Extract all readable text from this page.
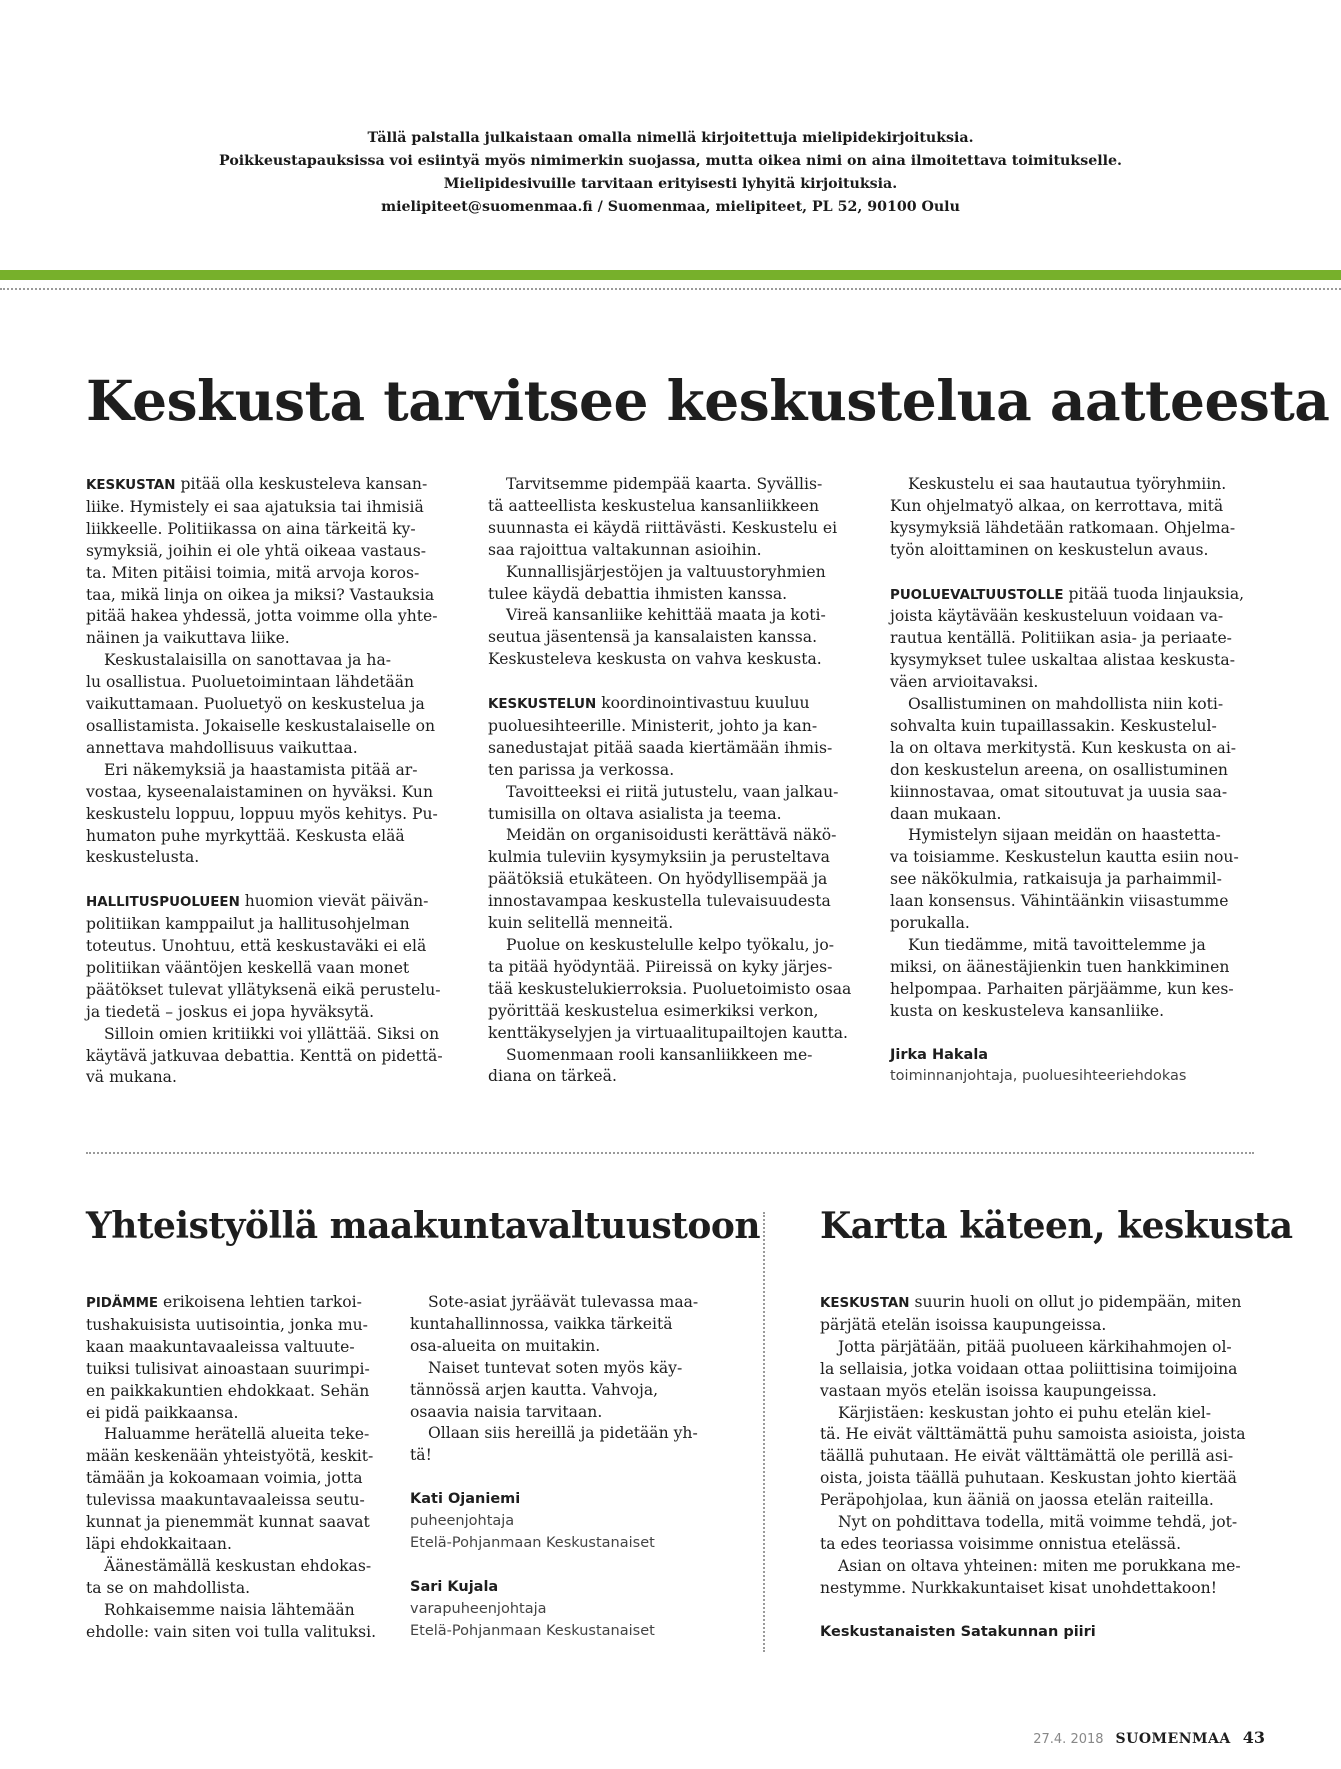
Tällä palstalla julkaistaan omalla nimellä kirjoitettuja mielipidekirjoituksia.
Poikkeustapauksissa voi esiintyä myös nimimerkin suojassa, mutta oikea nimi on aina ilmoitettava toimitukselle.
Mielipidesivuille tarvitaan erityisesti lyhyitä kirjoituksia.
mielipiteet@suomenmaa.fi / Suomenmaa, mielipiteet, PL 52, 90100 Oulu
Keskusta tarvitsee keskustelua aatteesta

KESKUSTAN pitää olla keskusteleva kansan-

liike. Hymistely ei saa ajatuksia tai ihmisiä

liikkeelle. Politiikassa on aina tärkeitä ky-

symyksiä, joihin ei ole yhtä oikeaa vastaus-

ta. Miten pitäisi toimia, mitä arvoja koros-

taa, mikä linja on oikea ja miksi? Vastauksia

pitää hakea yhdessä, jotta voimme olla yhte-

näinen ja vaikuttava liike.

Keskustalaisilla on sanottavaa ja ha-

lu osallistua. Puoluetoimintaan lähdetään

vaikuttamaan. Puoluetyö on keskustelua ja

osallistamista. Jokaiselle keskustalaiselle on

annettava mahdollisuus vaikuttaa.

Eri näkemyksiä ja haastamista pitää ar-

vostaa, kyseenalaistaminen on hyväksi. Kun

keskustelu loppuu, loppuu myös kehitys. Pu-

humaton puhe myrkyttää. Keskusta elää

keskustelusta.

HALLITUSPUOLUEEN huomion vievät päivän-

politiikan kamppailut ja hallitusohjelman

toteutus. Unohtuu, että keskustaväki ei elä

politiikan vääntöjen keskellä vaan monet

päätökset tulevat yllätyksenä eikä perustelu-

ja tiedetä – joskus ei jopa hyväksytä.

Silloin omien kritiikki voi yllättää. Siksi on

käytävä jatkuvaa debattia. Kenttä on pidettä-

vä mukana.

Tarvitsemme pidempää kaarta. Syvällis-

tä aatteellista keskustelua kansanliikkeen

suunnasta ei käydä riittävästi. Keskustelu ei

saa rajoittua valtakunnan asioihin.

Kunnallisjärjestöjen ja valtuustoryhmien

tulee käydä debattia ihmisten kanssa.

Vireä kansanliike kehittää maata ja koti-

seutua jäsentensä ja kansalaisten kanssa.

Keskusteleva keskusta on vahva keskusta.

KESKUSTELUN koordinointivastuu kuuluu

puoluesihteerille. Ministerit, johto ja kan-

sanedustajat pitää saada kiertämään ihmis-

ten parissa ja verkossa.

Tavoitteeksi ei riitä jutustelu, vaan jalkau-

tumisilla on oltava asialista ja teema.

Meidän on organisoidusti kerättävä näkö-

kulmia tuleviin kysymyksiin ja perusteltava

päätöksiä etukäteen. On hyödyllisempää ja

innostavampaa keskustella tulevaisuudesta

kuin selitellä menneitä.

Puolue on keskustelulle kelpo työkalu, jo-

ta pitää hyödyntää. Piireissä on kyky järjes-

tää keskustelukierroksia. Puoluetoimisto osaa

pyörittää keskustelua esimerkiksi verkon,

kenttäkyselyjen ja virtuaalitupailtojen kautta.

Suomenmaan rooli kansanliikkeen me-

diana on tärkeä.

Keskustelu ei saa hautautua työryhmiin.

Kun ohjelmatyö alkaa, on kerrottava, mitä

kysymyksiä lähdetään ratkomaan. Ohjelma-

työn aloittaminen on keskustelun avaus.

PUOLUEVALTUUSTOLLE pitää tuoda linjauksia,

joista käytävään keskusteluun voidaan va-

rautua kentällä. Politiikan asia- ja periaate-

kysymykset tulee uskaltaa alistaa keskusta-

väen arvioitavaksi.

Osallistuminen on mahdollista niin koti-

sohvalta kuin tupaillassakin. Keskustelul-

la on oltava merkitystä. Kun keskusta on ai-

don keskustelun areena, on osallistuminen

kiinnostavaa, omat sitoutuvat ja uusia saa-

daan mukaan.

Hymistelyn sijaan meidän on haastetta-

va toisiamme. Keskustelun kautta esiin nou-

see näkökulmia, ratkaisuja ja parhaimmil-

laan konsensus. Vähintäänkin viisastumme

porukalla.

Kun tiedämme, mitä tavoittelemme ja

miksi, on äänestäjienkin tuen hankkiminen

helpompaa. Parhaiten pärjäämme, kun kes-

kusta on keskusteleva kansanliike.

Jirka Hakala

toiminnanjohtaja, puoluesihteeriehdokas

Yhteistyöllä maakuntavaltuustoon

PIDÄMME erikoisena lehtien tarkoi-

tushakuisista uutisointia, jonka mu-

kaan maakuntavaaleissa valtuute-

tuiksi tulisivat ainoastaan suurimpi-

en paikkakuntien ehdokkaat. Sehän

ei pidä paikkaansa.

Haluamme herätellä alueita teke-

mään keskenään yhteistyötä, keskit-

tämään ja kokoamaan voimia, jotta

tulevissa maakuntavaaleissa seutu-

kunnat ja pienemmät kunnat saavat

läpi ehdokkaitaan.

Äänestämällä keskustan ehdokas-

ta se on mahdollista.

Rohkaisemme naisia lähtemään

ehdolle: vain siten voi tulla valituksi.

Sote-asiat jyräävät tulevassa maa-

kuntahallinnossa, vaikka tärkeitä

osa-alueita on muitakin.

Naiset tuntevat soten myös käy-

tännössä arjen kautta. Vahvoja,

osaavia naisia tarvitaan.

Ollaan siis hereillä ja pidetään yh-

tä!

Kati Ojaniemi

puheenjohtaja

Etelä-Pohjanmaan Keskustanaiset

Sari Kujala

varapuheenjohtaja

Etelä-Pohjanmaan Keskustanaiset

Kartta käteen, keskusta

KESKUSTAN suurin huoli on ollut jo pidempään, miten

pärjätä etelän isoissa kaupungeissa.

Jotta pärjätään, pitää puolueen kärkihahmojen ol-

la sellaisia, jotka voidaan ottaa poliittisina toimijoina

vastaan myös etelän isoissa kaupungeissa.

Kärjistäen: keskustan johto ei puhu etelän kiel-

tä. He eivät välttämättä puhu samoista asioista, joista

täällä puhutaan. He eivät välttämättä ole perillä asi-

oista, joista täällä puhutaan. Keskustan johto kiertää

Peräpohjolaa, kun ääniä on jaossa etelän raiteilla.

Nyt on pohdittava todella, mitä voimme tehdä, jot-

ta edes teoriassa voisimme onnistua etelässä.

Asian on oltava yhteinen: miten me porukkana me-

nestymme. Nurkkakuntaiset kisat unohdettakoon!

Keskustanaisten Satakunnan piiri

27.4. 2018 SUOMENMAA 43
